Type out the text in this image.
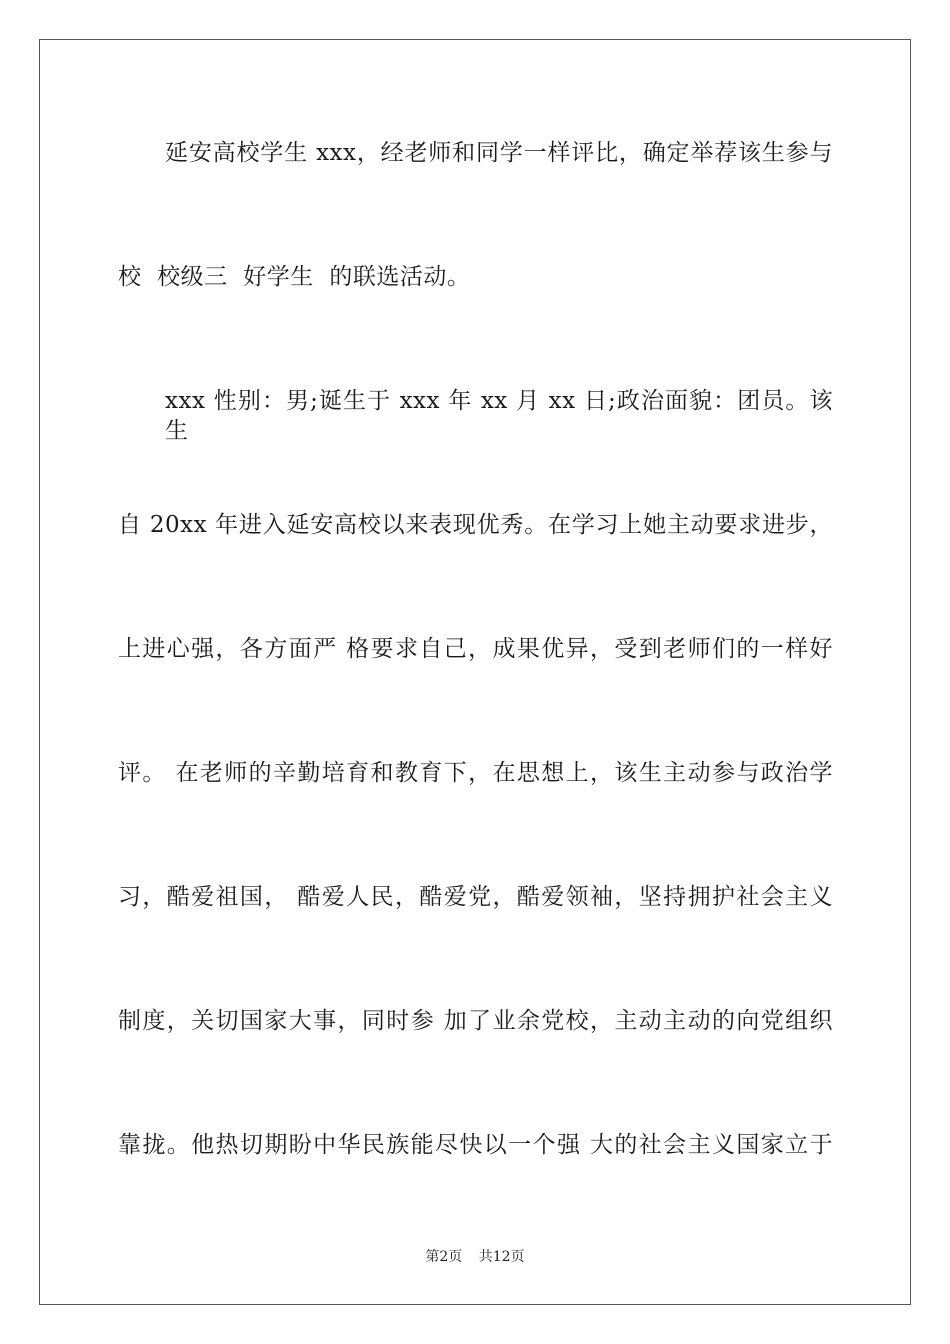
延安高校学生 xxx，经老师和同学一样评比，确定举荐该生参与
校  校级三  好学生  的联选活动。
xxx 性别：男;诞生于 xxx 年 xx 月 xx 日;政治面貌：团员。该生
自 20xx 年进入延安高校以来表现优秀。在学习上她主动要求进步，
上进心强，各方面严 格要求自己，成果优异，受到老师们的一样好
评。 在老师的辛勤培育和教育下，在思想上，该生主动参与政治学
习，酷爱祖国， 酷爱人民，酷爱党，酷爱领袖，坚持拥护社会主义
制度，关切国家大事，同时参 加了业余党校，主动主动的向党组织
靠拢。他热切期盼中华民族能尽快以一个强 大的社会主义国家立于
第2页 共12页
